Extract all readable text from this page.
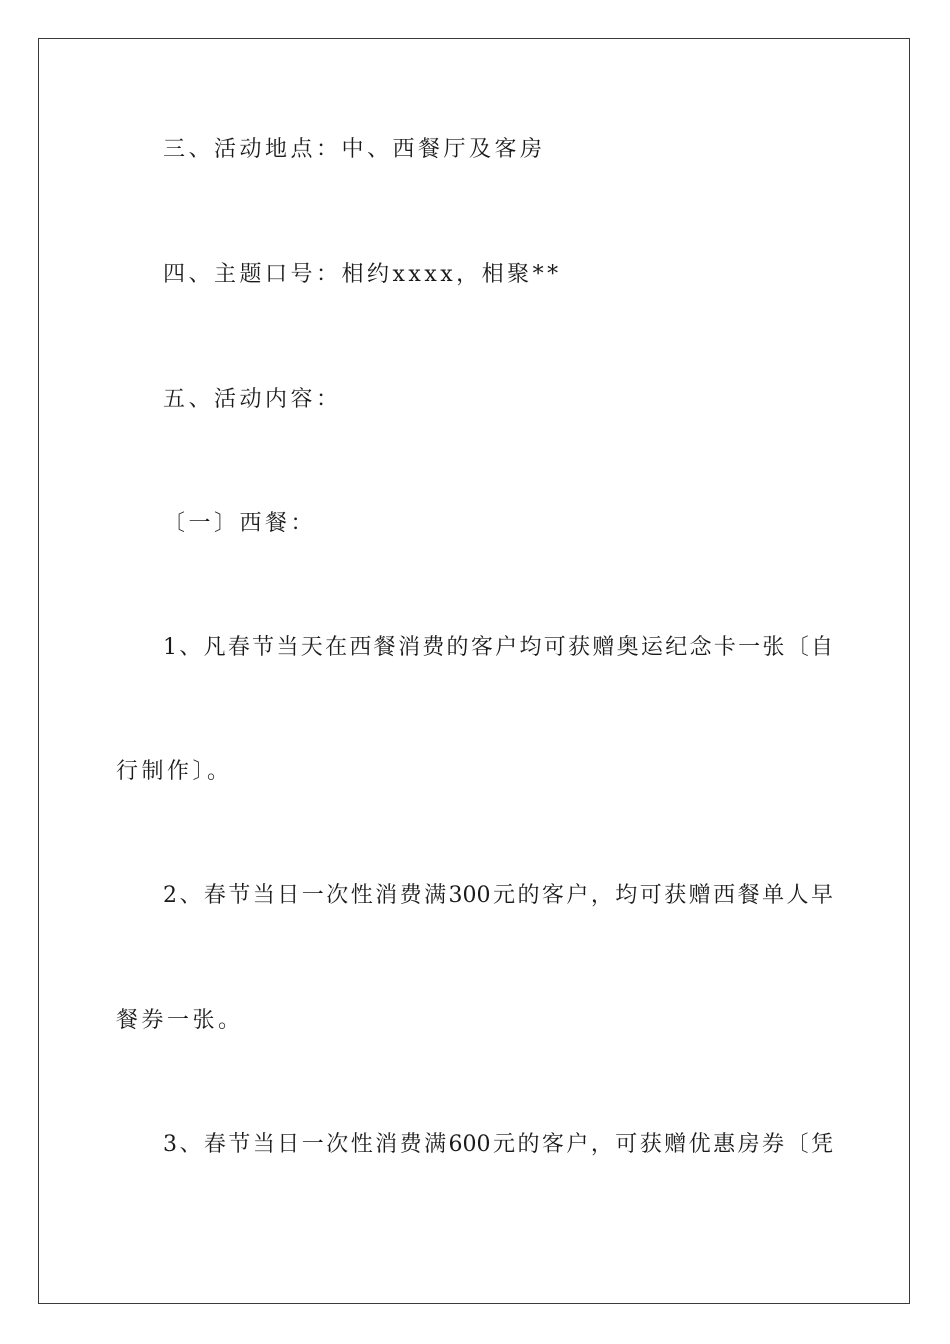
三、活动地点：中、西餐厅及客房
四、主题口号：相约xxxx，相聚**
五、活动内容：
〔一〕西餐：
1、凡春节当天在西餐消费的客户均可获赠奥运纪念卡一张〔自
行制作〕。
2、春节当日一次性消费满300元的客户，均可获赠西餐单人早
餐券一张。
3、春节当日一次性消费满600元的客户，可获赠优惠房券〔凭
